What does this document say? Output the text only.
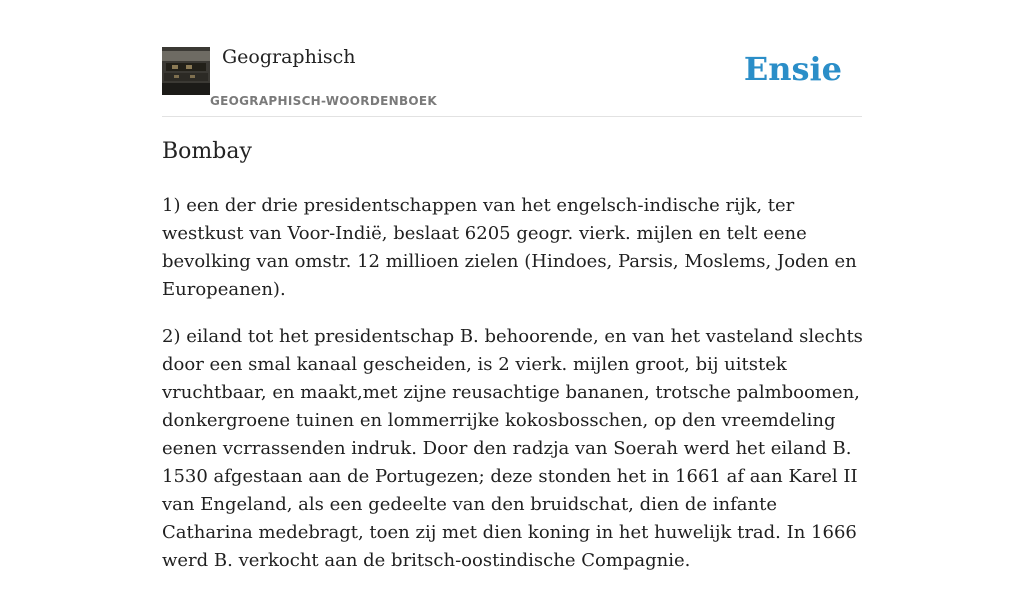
Geographisch
GEOGRAPHISCH-WOORDENBOEK
Ensie
Bombay

1) een der drie presidentschappen van het engelsch-indische rijk, ter westkust van Voor-Indië, beslaat 6205 geogr. vierk. mijlen en telt eene bevolking van omstr. 12 millioen zielen (Hindoes, Parsis, Moslems, Joden en Europeanen).

2) eiland tot het presidentschap B. behoorende, en van het vasteland slechts door een smal kanaal gescheiden, is 2 vierk. mijlen groot, bij uitstek vruchtbaar, en maakt,met zijne reusachtige bananen, trotsche palmboomen, donkergroene tuinen en lommerrijke kokosbosschen, op den vreemdeling eenen vcrrassenden indruk. Door den radzja van Soerah werd het eiland B. 1530 afgestaan aan de Portugezen; deze stonden het in 1661 af aan Karel II van Engeland, als een gedeelte van den bruidschat, dien de infante Catharina medebragt, toen zij met dien koning in het huwelijk trad. In 1666 werd B. verkocht aan de britsch-oostindische Compagnie.
